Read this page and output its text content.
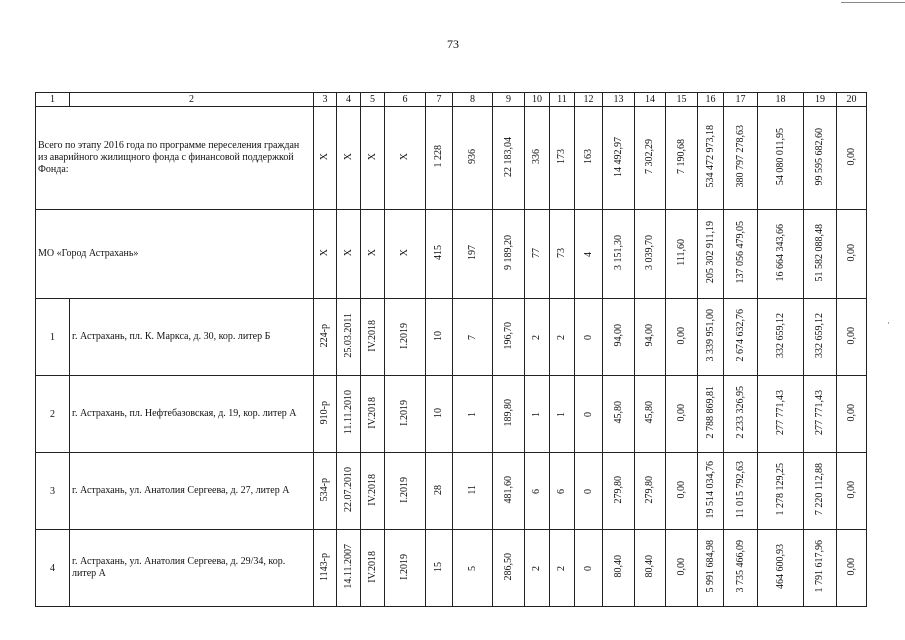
73
·
1	2	3	4	5	6	7	8	9	10	11	12	13	14	15	16	17	18	19	20
Всего по этапу 2016 года по программе переселения граждан из аварийного жилищного фонда с финансовой поддержкой Фонда:		Х	Х	Х	Х	1 228	936	22 183,04	336	173	163	14 492,97	7 302,29	7 190,68	534 472 973,18	380 797 278,63	54 080 011,95	99 595 682,60	0,00
МО «Город Астрахань»		Х	Х	Х	Х	415	197	9 189,20	77	73	4	3 151,30	3 039,70	111,60	205 302 911,19	137 056 479,05	16 664 343,66	51 582 088,48	0,00
1	г. Астрахань, пл. К. Маркса, д. 30, кор. литер Б	224-р	25.03.2011	IV.2018	I.2019	10	7	196,70	2	2	0	94,00	94,00	0,00	3 339 951,00	2 674 632,76	332 659,12	332 659,12	0,00
2	г. Астрахань, пл. Нефтебазовская, д. 19, кор. литер А	910-р	11.11.2010	IV.2018	I.2019	10	1	189,80	1	1	0	45,80	45,80	0,00	2 788 869,81	2 233 326,95	277 771,43	277 771,43	0,00
3	г. Астрахань, ул. Анатолия Сергеева, д. 27, литер А	534-р	22.07.2010	IV.2018	I.2019	28	11	481,60	6	6	0	279,80	279,80	0,00	19 514 034,76	11 015 792,63	1 278 129,25	7 220 112,88	0,00
4	г. Астрахань, ул. Анатолия Сергеева, д. 29/34, кор. литер А	1143-р	14.11.2007	IV.2018	I.2019	15	5	286,50	2	2	0	80,40	80,40	0,00	5 991 684,98	3 735 466,09	464 600,93	1 791 617,96	0,00
